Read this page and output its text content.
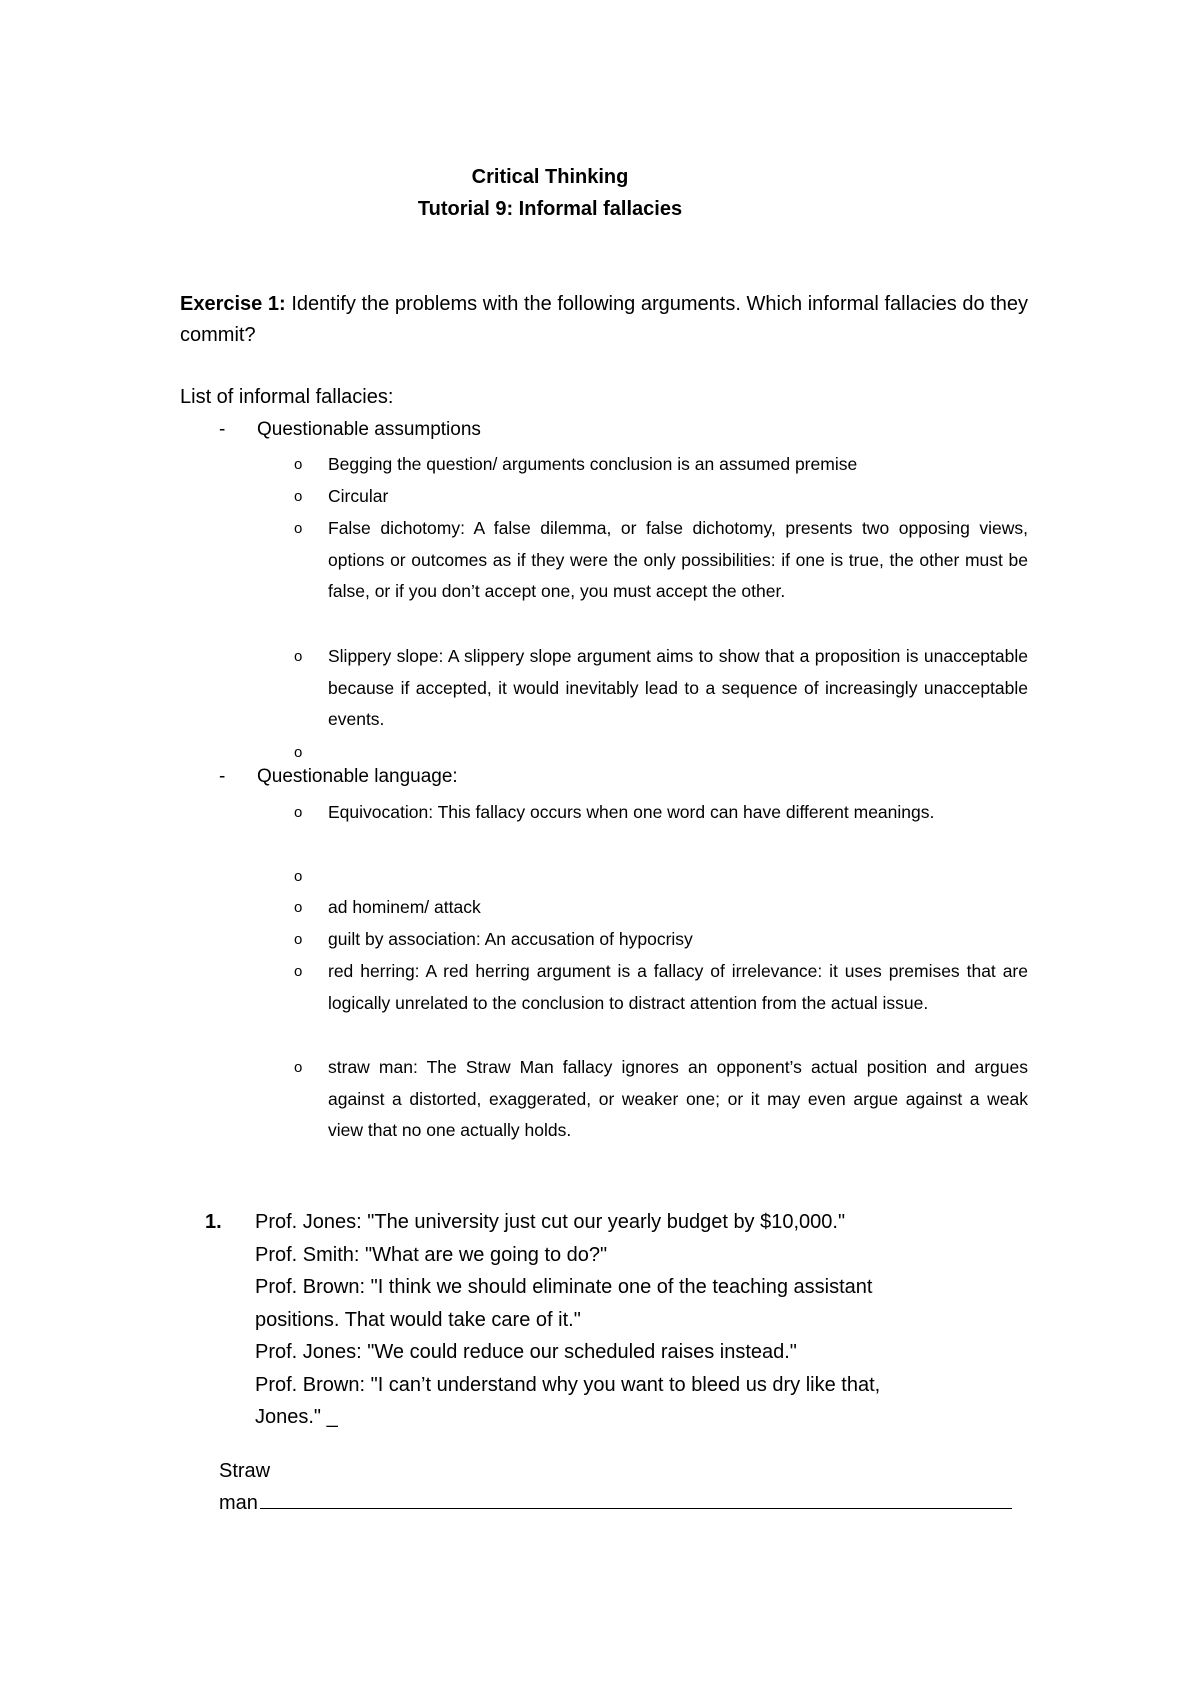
Critical Thinking
Tutorial 9: Informal fallacies
Exercise 1: Identify the problems with the following arguments. Which informal fallacies do they commit?
List of informal fallacies:
-	Questionable assumptions
o	Begging the question/ arguments conclusion is an assumed premise
o	Circular
o	False dichotomy: A false dilemma, or false dichotomy, presents two opposing views, options or outcomes as if they were the only possibilities: if one is true, the other must be false, or if you don’t accept one, you must accept the other.
o	Slippery slope: A slippery slope argument aims to show that a proposition is unacceptable because if accepted, it would inevitably lead to a sequence of increasingly unacceptable events.
o
-	Questionable language:
o	Equivocation: This fallacy occurs when one word can have different meanings.
o
o	ad hominem/ attack
o	guilt by association: An accusation of hypocrisy
o	red herring: A red herring argument is a fallacy of irrelevance: it uses premises that are logically unrelated to the conclusion to distract attention from the actual issue.
o	straw man: The Straw Man fallacy ignores an opponent’s actual position and argues against a distorted, exaggerated, or weaker one; or it may even argue against a weak view that no one actually holds.
1. Prof. Jones: "The university just cut our yearly budget by $10,000."
Prof. Smith: "What are we going to do?"
Prof. Brown: "I think we should eliminate one of the teaching assistant
positions. That would take care of it."
Prof. Jones: "We could reduce our scheduled raises instead."
Prof. Brown: "I can’t understand why you want to bleed us dry like that,
Jones." _
Straw
man
